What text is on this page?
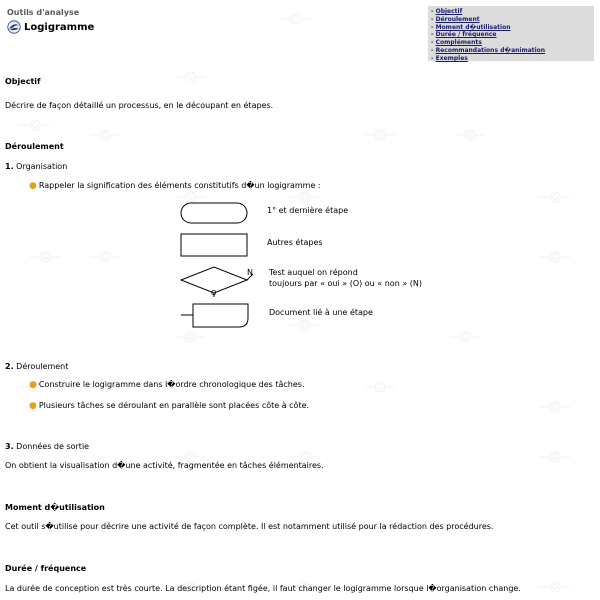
Outils d'analyse
Logigramme
- Objectif
- Déroulement
- Moment d�utilisation
- Durée / fréquence
- Compléments
- Recommandations d�animation
- Exemples
Objectif
Décrire de façon détaillé un processus, en le découpant en étapes.
Déroulement
1. Organisation
● Rappeler la signification des éléments constitutifs d�un logigramme :
1° et dernière étape
Autres étapes
N
O
Test auquel on répond
toujours par « oui » (O) ou « non » (N)
Document lié à une étape
2. Déroulement
● Construire le logigramme dans l�ordre chronologique des tâches.
● Plusieurs tâches se déroulant en parallèle sont placées côte à côte.
3. Données de sortie
On obtient la visualisation d�une activité, fragmentée en tâches élémentaires.
Moment d�utilisation
Cet outil s�utilise pour décrire une activité de façon complète. Il est notamment utilisé pour la rédaction des procédures.
Durée / fréquence
La durée de conception est très courte. La description étant figée, il faut changer le logigramme lorsque l�organisation change.
